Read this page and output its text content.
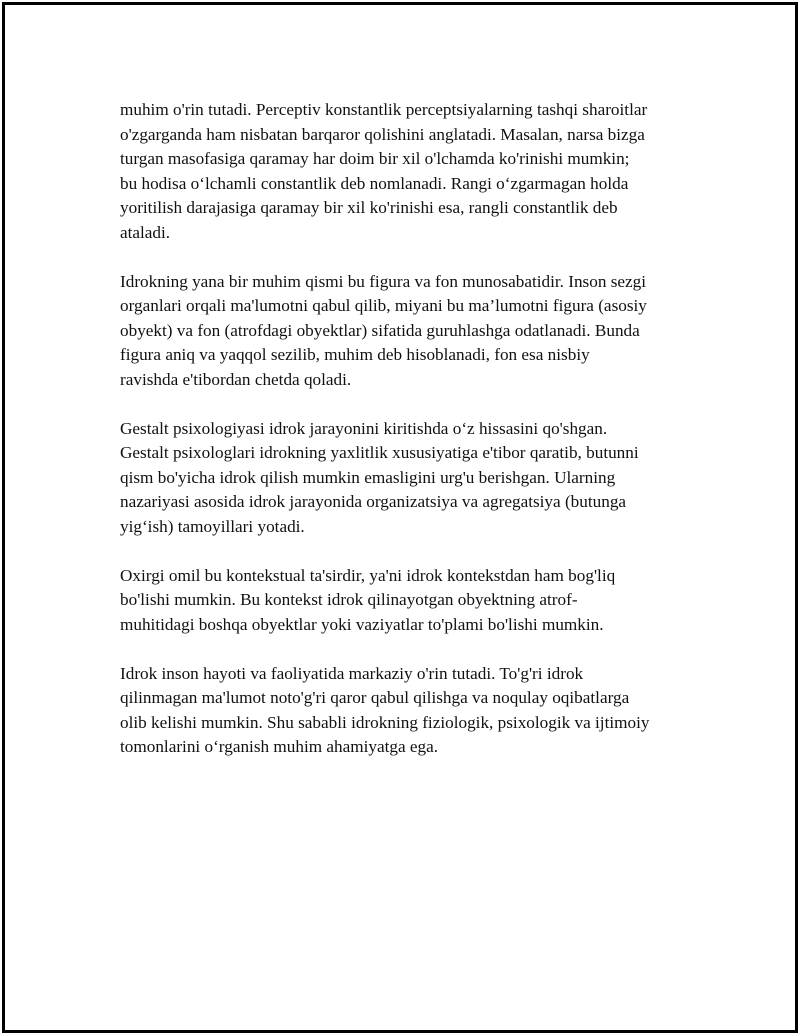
muhim o'rin tutadi. Perceptiv konstantlik perceptsiyalarning tashqi sharoitlar
o'zgarganda ham nisbatan barqaror qolishini anglatadi. Masalan, narsa bizga
turgan masofasiga qaramay har doim bir xil o'lchamda ko'rinishi mumkin;
bu hodisa o‘lchamli constantlik deb nomlanadi. Rangi o‘zgarmagan holda
yoritilish darajasiga qaramay bir xil ko'rinishi esa, rangli constantlik deb
ataladi.

Idrokning yana bir muhim qismi bu figura va fon munosabatidir. Inson sezgi
organlari orqali ma'lumotni qabul qilib, miyani bu ma’lumotni figura (asosiy
obyekt) va fon (atrofdagi obyektlar) sifatida guruhlashga odatlanadi. Bunda
figura aniq va yaqqol sezilib, muhim deb hisoblanadi, fon esa nisbiy
ravishda e'tibordan chetda qoladi.

Gestalt psixologiyasi idrok jarayonini kiritishda o‘z hissasini qo'shgan.
Gestalt psixologlari idrokning yaxlitlik xususiyatiga e'tibor qaratib, butunni
qism bo'yicha idrok qilish mumkin emasligini urg'u berishgan. Ularning
nazariyasi asosida idrok jarayonida organizatsiya va agregatsiya (butunga
yig‘ish) tamoyillari yotadi.

Oxirgi omil bu kontekstual ta'sirdir, ya'ni idrok kontekstdan ham bog'liq
bo'lishi mumkin. Bu kontekst idrok qilinayotgan obyektning atrof-
muhitidagi boshqa obyektlar yoki vaziyatlar to'plami bo'lishi mumkin.

Idrok inson hayoti va faoliyatida markaziy o'rin tutadi. To'g'ri idrok
qilinmagan ma'lumot noto'g'ri qaror qabul qilishga va noqulay oqibatlarga
olib kelishi mumkin. Shu sababli idrokning fiziologik, psixologik va ijtimoiy
tomonlarini o‘rganish muhim ahamiyatga ega.
